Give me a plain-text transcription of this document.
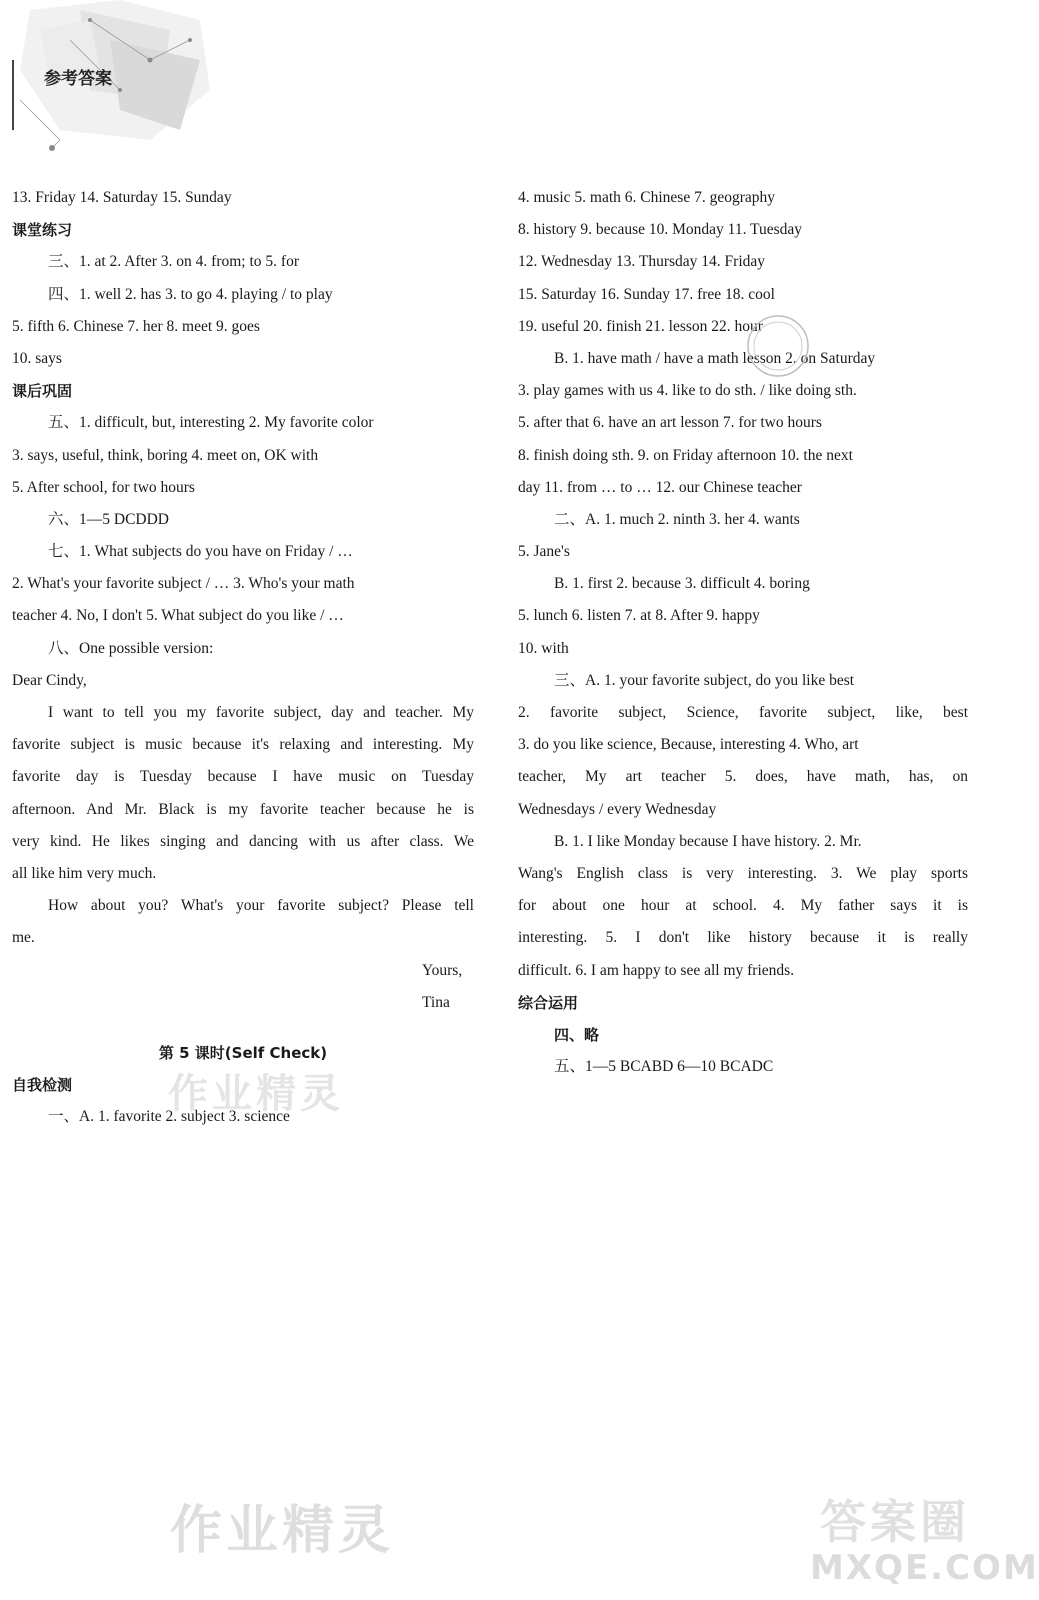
参考答案
13. Friday 14. Saturday 15. Sunday
课堂练习
三、1. at 2. After 3. on 4. from; to 5. for
四、1. well 2. has 3. to go 4. playing / to play
5. fifth 6. Chinese 7. her 8. meet 9. goes
10. says
课后巩固
五、1. difficult, but, interesting 2. My favorite color
3. says, useful, think, boring 4. meet on, OK with
5. After school, for two hours
六、1—5 DCDDD
七、1. What subjects do you have on Friday / …
2. What's your favorite subject / … 3. Who's your math
teacher 4. No, I don't 5. What subject do you like / …
八、One possible version:
Dear Cindy,
I want to tell you my favorite subject, day and teacher. My
favorite subject is music because it's relaxing and interesting. My
favorite day is Tuesday because I have music on Tuesday
afternoon. And Mr. Black is my favorite teacher because he is
very kind. He likes singing and dancing with us after class. We
all like him very much.
How about you? What's your favorite subject? Please tell
me.
Yours,
Tina
第 5 课时(Self Check)
自我检测
一、A. 1. favorite 2. subject 3. science
4. music 5. math 6. Chinese 7. geography
8. history 9. because 10. Monday 11. Tuesday
12. Wednesday 13. Thursday 14. Friday
15. Saturday 16. Sunday 17. free 18. cool
19. useful 20. finish 21. lesson 22. hour
B. 1. have math / have a math lesson 2. on Saturday
3. play games with us 4. like to do sth. / like doing sth.
5. after that 6. have an art lesson 7. for two hours
8. finish doing sth. 9. on Friday afternoon 10. the next
day 11. from … to … 12. our Chinese teacher
二、A. 1. much 2. ninth 3. her 4. wants
5. Jane's
B. 1. first 2. because 3. difficult 4. boring
5. lunch 6. listen 7. at 8. After 9. happy
10. with
三、A. 1. your favorite subject, do you like best
2. favorite subject, Science, favorite subject, like, best
3. do you like science, Because, interesting 4. Who, art
teacher, My art teacher 5. does, have math, has, on
Wednesdays / every Wednesday
B. 1. I like Monday because I have history. 2. Mr.
Wang's English class is very interesting. 3. We play sports
for about one hour at school. 4. My father says it is
interesting. 5. I don't like history because it is really
difficult. 6. I am happy to see all my friends.
综合运用
四、略
五、1—5 BCABD 6—10 BCADC
作业精灵
作业精灵	答案圈
MXQE.COM
